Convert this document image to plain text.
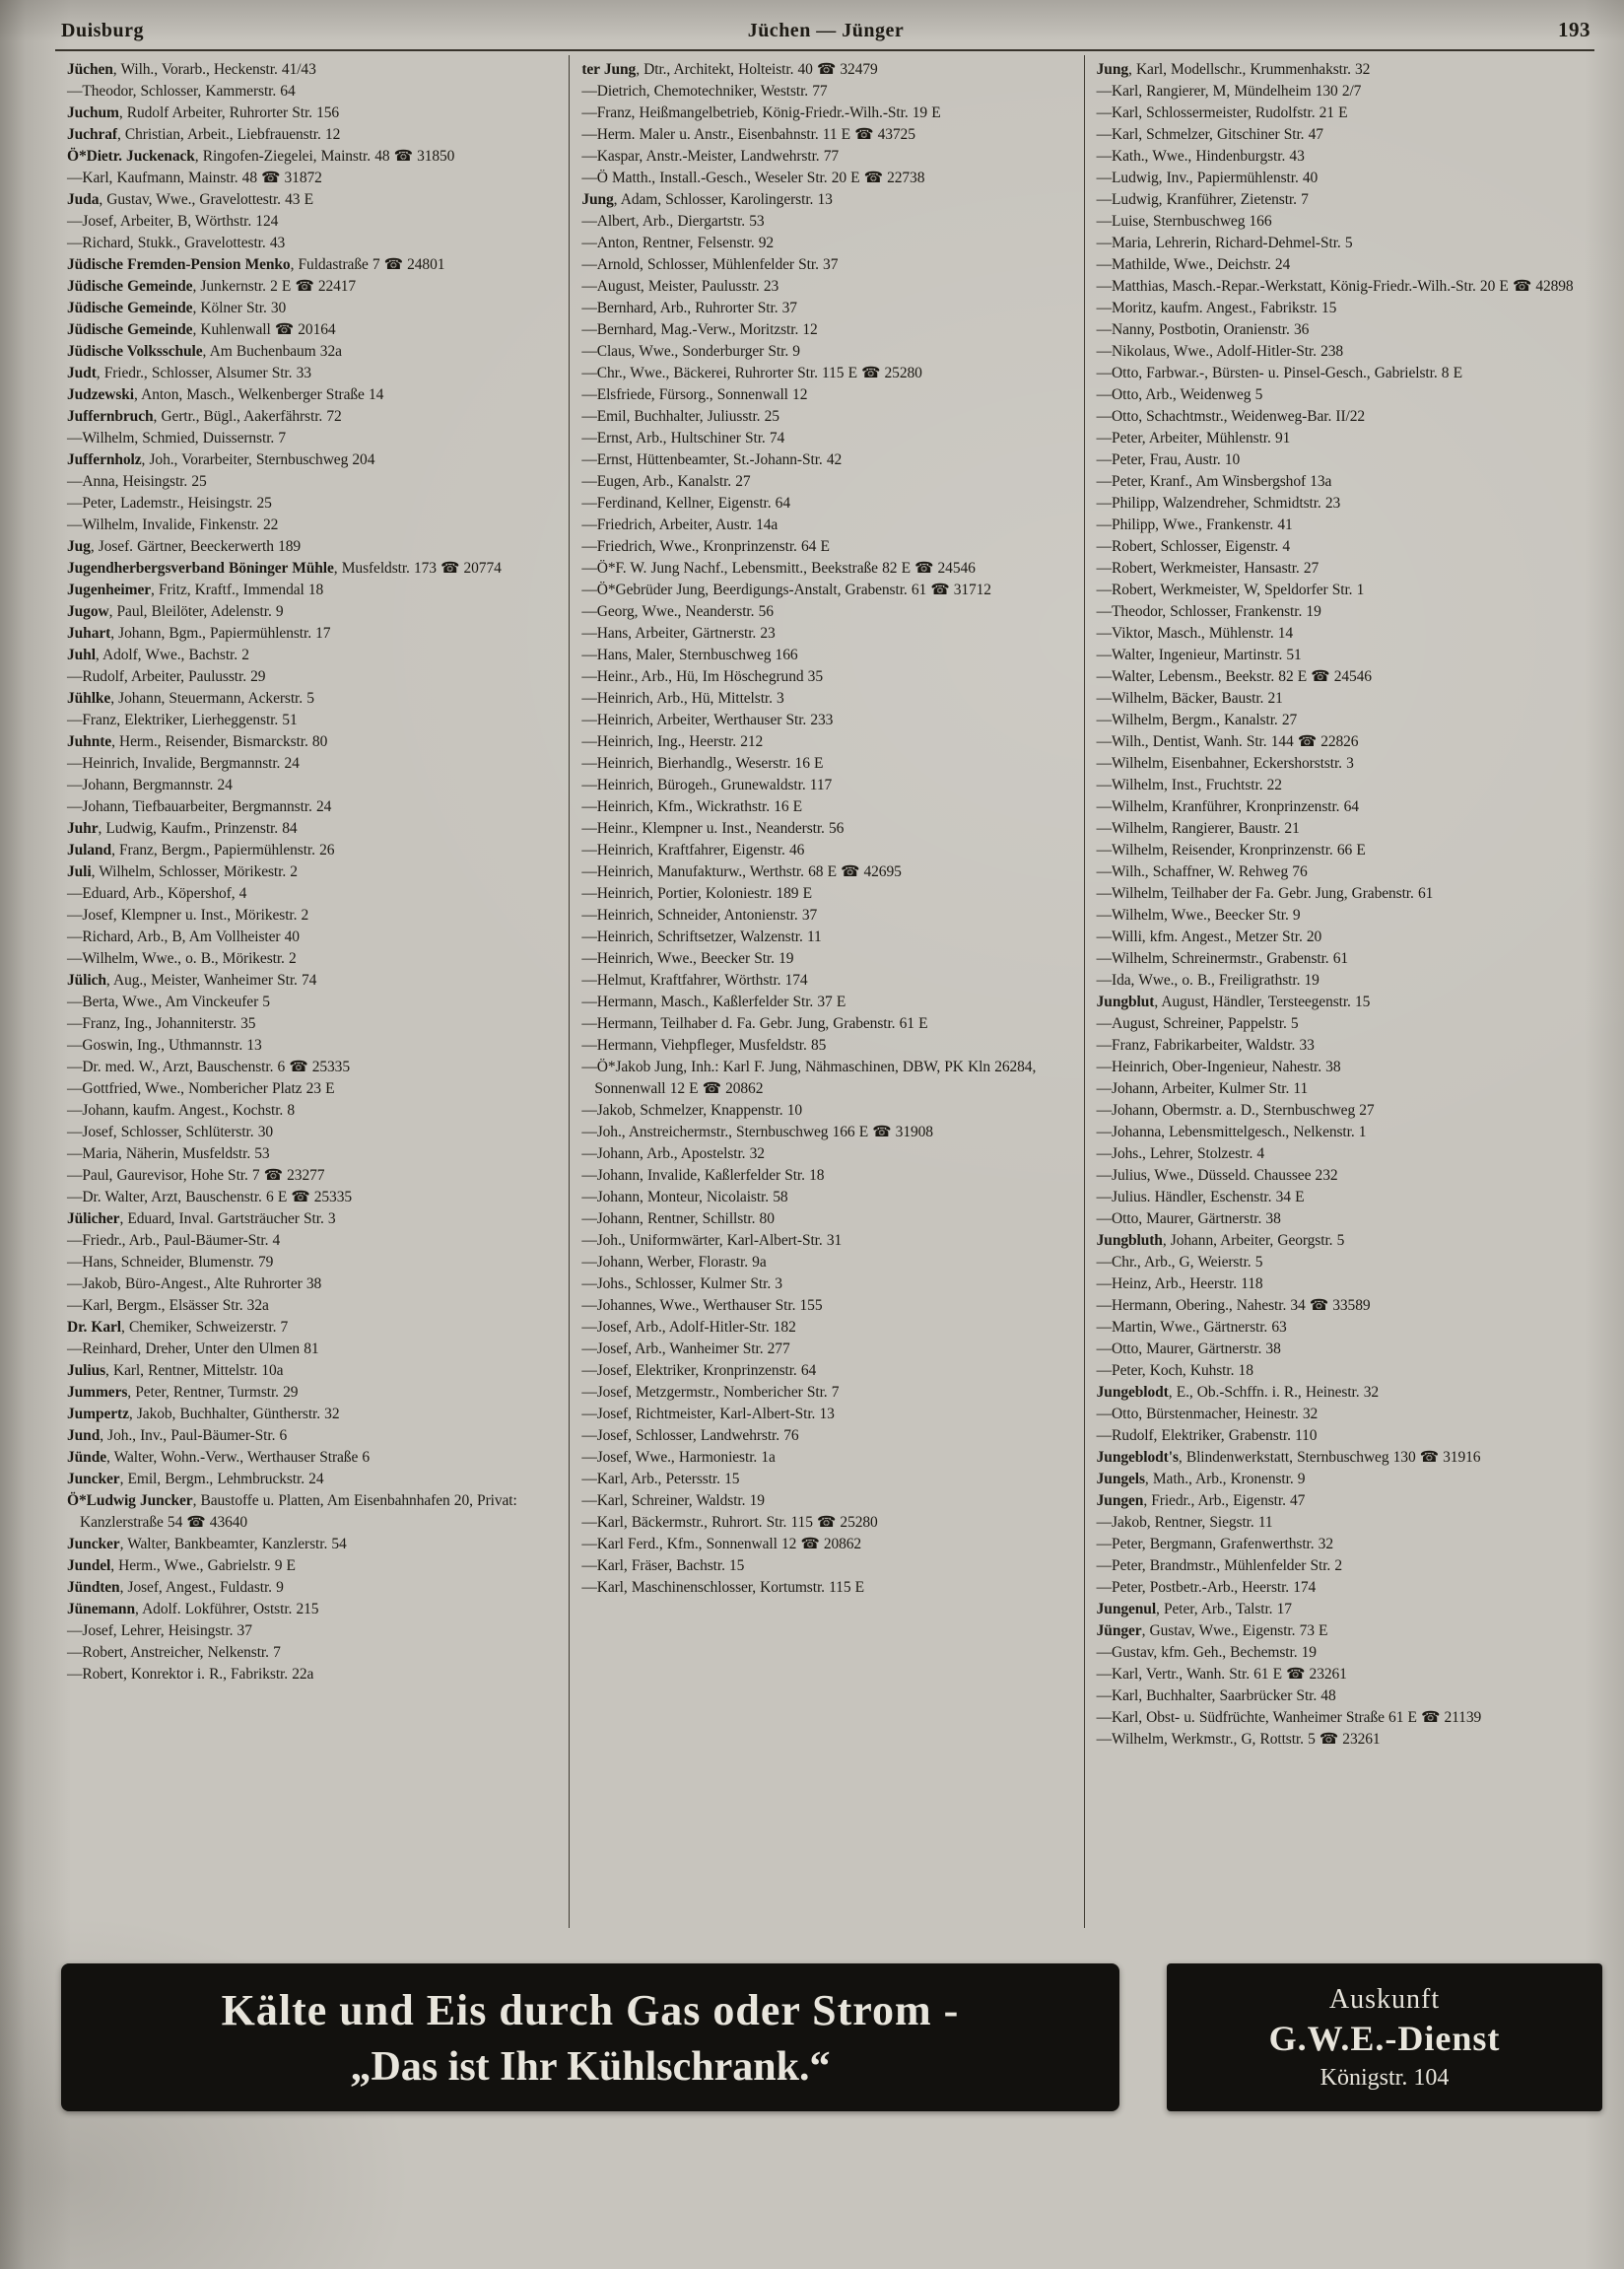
Duisburg	Jüchen — Jünger	193
Jüchen, Wilh., Vorarb., Heckenstr. 41/43
—Theodor, Schlosser, Kammerstr. 64
Juchum, Rudolf Arbeiter, Ruhrorter Str. 156
Juchraf, Christian, Arbeit., Liebfrauenstr. 12
Ö*Dietr. Juckenack, Ringofen-Ziegelei, Mainstr. 48 ☎ 31850
—Karl, Kaufmann, Mainstr. 48 ☎ 31872
Juda, Gustav, Wwe., Gravelottestr. 43 E
—Josef, Arbeiter, B, Wörthstr. 124
—Richard, Stukk., Gravelottestr. 43
Jüdische Fremden-Pension Menko, Fuldastraße 7 ☎ 24801
Jüdische Gemeinde, Junkernstr. 2 E ☎ 22417
Jüdische Gemeinde, Kölner Str. 30
Jüdische Gemeinde, Kuhlenwall ☎ 20164
Jüdische Volksschule, Am Buchenbaum 32a
Judt, Friedr., Schlosser, Alsumer Str. 33
Judzewski, Anton, Masch., Welkenberger Straße 14
Juffernbruch, Gertr., Bügl., Aakerfährstr. 72
—Wilhelm, Schmied, Duissernstr. 7
Juffernholz, Joh., Vorarbeiter, Sternbuschweg 204
—Anna, Heisingstr. 25
—Peter, Lademstr., Heisingstr. 25
—Wilhelm, Invalide, Finkenstr. 22
Jug, Josef. Gärtner, Beeckerwerth 189
Jugendherbergsverband Böninger Mühle, Musfeldstr. 173 ☎ 20774
Jugenheimer, Fritz, Kraftf., Immendal 18
Jugow, Paul, Bleilöter, Adelenstr. 9
Juhart, Johann, Bgm., Papiermühlenstr. 17
Juhl, Adolf, Wwe., Bachstr. 2
—Rudolf, Arbeiter, Paulusstr. 29
Jühlke, Johann, Steuermann, Ackerstr. 5
—Franz, Elektriker, Lierheggenstr. 51
Juhnte, Herm., Reisender, Bismarckstr. 80
—Heinrich, Invalide, Bergmannstr. 24
—Johann, Bergmannstr. 24
—Johann, Tiefbauarbeiter, Bergmannstr. 24
Juhr, Ludwig, Kaufm., Prinzenstr. 84
Juland, Franz, Bergm., Papiermühlenstr. 26
Juli, Wilhelm, Schlosser, Mörikestr. 2
—Eduard, Arb., Köpershof, 4
—Josef, Klempner u. Inst., Mörikestr. 2
—Richard, Arb., B, Am Vollheister 40
—Wilhelm, Wwe., o. B., Mörikestr. 2
Jülich, Aug., Meister, Wanheimer Str. 74
—Berta, Wwe., Am Vinckeufer 5
—Franz, Ing., Johanniterstr. 35
—Goswin, Ing., Uthmannstr. 13
—Dr. med. W., Arzt, Bauschenstr. 6 ☎ 25335
—Gottfried, Wwe., Nombericher Platz 23 E
—Johann, kaufm. Angest., Kochstr. 8
—Josef, Schlosser, Schlüterstr. 30
—Maria, Näherin, Musfeldstr. 53
—Paul, Gaurevisor, Hohe Str. 7 ☎ 23277
—Dr. Walter, Arzt, Bauschenstr. 6 E ☎ 25335
Jülicher, Eduard, Inval. Gartsträucher Str. 3
—Friedr., Arb., Paul-Bäumer-Str. 4
—Hans, Schneider, Blumenstr. 79
—Jakob, Büro-Angest., Alte Ruhrorter 38
—Karl, Bergm., Elsässer Str. 32a
Dr. Karl, Chemiker, Schweizerstr. 7
—Reinhard, Dreher, Unter den Ulmen 81
Julius, Karl, Rentner, Mittelstr. 10a
Jummers, Peter, Rentner, Turmstr. 29
Jumpertz, Jakob, Buchhalter, Güntherstr. 32
Jund, Joh., Inv., Paul-Bäumer-Str. 6
Jünde, Walter, Wohn.-Verw., Werthauser Straße 6
Juncker, Emil, Bergm., Lehmbruckstr. 24
Ö*Ludwig Juncker, Baustoffe u. Platten, Am Eisenbahnhafen 20, Privat: Kanzlerstraße 54 ☎ 43640
Juncker, Walter, Bankbeamter, Kanzlerstr. 54
Jundel, Herm., Wwe., Gabrielstr. 9 E
Jündten, Josef, Angest., Fuldastr. 9
Jünemann, Adolf. Lokführer, Oststr. 215
—Josef, Lehrer, Heisingstr. 37
—Robert, Anstreicher, Nelkenstr. 7
—Robert, Konrektor i. R., Fabrikstr. 22a
ter Jung, Dtr., Architekt, Holteistr. 40 ☎ 32479
—Dietrich, Chemotechniker, Weststr. 77
—Franz, Heißmangelbetrieb, König-Friedr.-Wilh.-Str. 19 E
—Herm. Maler u. Anstr., Eisenbahnstr. 11 E ☎ 43725
—Kaspar, Anstr.-Meister, Landwehrstr. 77
—Ö Matth., Install.-Gesch., Weseler Str. 20 E ☎ 22738
Jung, Adam, Schlosser, Karolingerstr. 13
—Albert, Arb., Diergartstr. 53
—Anton, Rentner, Felsenstr. 92
—Arnold, Schlosser, Mühlenfelder Str. 37
—August, Meister, Paulusstr. 23
—Bernhard, Arb., Ruhrorter Str. 37
—Bernhard, Mag.-Verw., Moritzstr. 12
—Claus, Wwe., Sonderburger Str. 9
—Chr., Wwe., Bäckerei, Ruhrorter Str. 115 E ☎ 25280
—Elsfriede, Fürsorg., Sonnenwall 12
—Emil, Buchhalter, Juliusstr. 25
—Ernst, Arb., Hultschiner Str. 74
—Ernst, Hüttenbeamter, St.-Johann-Str. 42
—Eugen, Arb., Kanalstr. 27
—Ferdinand, Kellner, Eigenstr. 64
—Friedrich, Arbeiter, Austr. 14a
—Friedrich, Wwe., Kronprinzenstr. 64 E
—Ö*F. W. Jung Nachf., Lebensmitt., Beekstraße 82 E ☎ 24546
—Ö*Gebrüder Jung, Beerdigungs-Anstalt, Grabenstr. 61 ☎ 31712
—Georg, Wwe., Neanderstr. 56
—Hans, Arbeiter, Gärtnerstr. 23
—Hans, Maler, Sternbuschweg 166
—Heinr., Arb., Hü, Im Höschegrund 35
—Heinrich, Arb., Hü, Mittelstr. 3
—Heinrich, Arbeiter, Werthauser Str. 233
—Heinrich, Ing., Heerstr. 212
—Heinrich, Bierhandlg., Weserstr. 16 E
—Heinrich, Bürogeh., Grunewaldstr. 117
—Heinrich, Kfm., Wickrathstr. 16 E
—Heinr., Klempner u. Inst., Neanderstr. 56
—Heinrich, Kraftfahrer, Eigenstr. 46
—Heinrich, Manufakturw., Werthstr. 68 E ☎ 42695
—Heinrich, Portier, Koloniestr. 189 E
—Heinrich, Schneider, Antonienstr. 37
—Heinrich, Schriftsetzer, Walzenstr. 11
—Heinrich, Wwe., Beecker Str. 19
—Helmut, Kraftfahrer, Wörthstr. 174
—Hermann, Masch., Kaßlerfelder Str. 37 E
—Hermann, Teilhaber d. Fa. Gebr. Jung, Grabenstr. 61 E
—Hermann, Viehpfleger, Musfeldstr. 85
—Ö*Jakob Jung, Inh.: Karl F. Jung, Nähmaschinen, DBW, PK Kln 26284, Sonnenwall 12 E ☎ 20862
—Jakob, Schmelzer, Knappenstr. 10
—Joh., Anstreichermstr., Sternbuschweg 166 E ☎ 31908
—Johann, Arb., Apostelstr. 32
—Johann, Invalide, Kaßlerfelder Str. 18
—Johann, Monteur, Nicolaistr. 58
—Johann, Rentner, Schillstr. 80
—Joh., Uniformwärter, Karl-Albert-Str. 31
—Johann, Werber, Florastr. 9a
—Johs., Schlosser, Kulmer Str. 3
—Johannes, Wwe., Werthauser Str. 155
—Josef, Arb., Adolf-Hitler-Str. 182
—Josef, Arb., Wanheimer Str. 277
—Josef, Elektriker, Kronprinzenstr. 64
—Josef, Metzgermstr., Nombericher Str. 7
—Josef, Richtmeister, Karl-Albert-Str. 13
—Josef, Schlosser, Landwehrstr. 76
—Josef, Wwe., Harmoniestr. 1a
—Karl, Arb., Petersstr. 15
—Karl, Schreiner, Waldstr. 19
—Karl, Bäckermstr., Ruhrort. Str. 115 ☎ 25280
—Karl Ferd., Kfm., Sonnenwall 12 ☎ 20862
—Karl, Fräser, Bachstr. 15
—Karl, Maschinenschlosser, Kortumstr. 115 E
Jung, Karl, Modellschr., Krummenhakstr. 32
—Karl, Rangierer, M, Mündelheim 130 2/7
—Karl, Schlossermeister, Rudolfstr. 21 E
—Karl, Schmelzer, Gitschiner Str. 47
—Kath., Wwe., Hindenburgstr. 43
—Ludwig, Inv., Papiermühlenstr. 40
—Ludwig, Kranführer, Zietenstr. 7
—Luise, Sternbuschweg 166
—Maria, Lehrerin, Richard-Dehmel-Str. 5
—Mathilde, Wwe., Deichstr. 24
—Matthias, Masch.-Repar.-Werkstatt, König-Friedr.-Wilh.-Str. 20 E ☎ 42898
—Moritz, kaufm. Angest., Fabrikstr. 15
—Nanny, Postbotin, Oranienstr. 36
—Nikolaus, Wwe., Adolf-Hitler-Str. 238
—Otto, Farbwar.-, Bürsten- u. Pinsel-Gesch., Gabrielstr. 8 E
—Otto, Arb., Weidenweg 5
—Otto, Schachtmstr., Weidenweg-Bar. II/22
—Peter, Arbeiter, Mühlenstr. 91
—Peter, Frau, Austr. 10
—Peter, Kranf., Am Winsbergshof 13a
—Philipp, Walzendreher, Schmidtstr. 23
—Philipp, Wwe., Frankenstr. 41
—Robert, Schlosser, Eigenstr. 4
—Robert, Werkmeister, Hansastr. 27
—Robert, Werkmeister, W, Speldorfer Str. 1
—Theodor, Schlosser, Frankenstr. 19
—Viktor, Masch., Mühlenstr. 14
—Walter, Ingenieur, Martinstr. 51
—Walter, Lebensm., Beekstr. 82 E ☎ 24546
—Wilhelm, Bäcker, Baustr. 21
—Wilhelm, Bergm., Kanalstr. 27
—Wilh., Dentist, Wanh. Str. 144 ☎ 22826
—Wilhelm, Eisenbahner, Eckershorststr. 3
—Wilhelm, Inst., Fruchtstr. 22
—Wilhelm, Kranführer, Kronprinzenstr. 64
—Wilhelm, Rangierer, Baustr. 21
—Wilhelm, Reisender, Kronprinzenstr. 66 E
—Wilh., Schaffner, W. Rehweg 76
—Wilhelm, Teilhaber der Fa. Gebr. Jung, Grabenstr. 61
—Wilhelm, Wwe., Beecker Str. 9
—Willi, kfm. Angest., Metzer Str. 20
—Wilhelm, Schreinermstr., Grabenstr. 61
—Ida, Wwe., o. B., Freiligrathstr. 19
Jungblut, August, Händler, Tersteegenstr. 15
—August, Schreiner, Pappelstr. 5
—Franz, Fabrikarbeiter, Waldstr. 33
—Heinrich, Ober-Ingenieur, Nahestr. 38
—Johann, Arbeiter, Kulmer Str. 11
—Johann, Obermstr. a. D., Sternbuschweg 27
—Johanna, Lebensmittelgesch., Nelkenstr. 1
—Johs., Lehrer, Stolzestr. 4
—Julius, Wwe., Düsseld. Chaussee 232
—Julius. Händler, Eschenstr. 34 E
—Otto, Maurer, Gärtnerstr. 38
Jungbluth, Johann, Arbeiter, Georgstr. 5
—Chr., Arb., G, Weierstr. 5
—Heinz, Arb., Heerstr. 118
—Hermann, Obering., Nahestr. 34 ☎ 33589
—Martin, Wwe., Gärtnerstr. 63
—Otto, Maurer, Gärtnerstr. 38
—Peter, Koch, Kuhstr. 18
Jungeblodt, E., Ob.-Schffn. i. R., Heinestr. 32
—Otto, Bürstenmacher, Heinestr. 32
—Rudolf, Elektriker, Grabenstr. 110
Jungeblodt's, Blindenwerkstatt, Sternbuschweg 130 ☎ 31916
Jungels, Math., Arb., Kronenstr. 9
Jungen, Friedr., Arb., Eigenstr. 47
—Jakob, Rentner, Siegstr. 11
—Peter, Bergmann, Grafenwerthstr. 32
—Peter, Brandmstr., Mühlenfelder Str. 2
—Peter, Postbetr.-Arb., Heerstr. 174
Jungenul, Peter, Arb., Talstr. 17
Jünger, Gustav, Wwe., Eigenstr. 73 E
—Gustav, kfm. Geh., Bechemstr. 19
—Karl, Vertr., Wanh. Str. 61 E ☎ 23261
—Karl, Buchhalter, Saarbrücker Str. 48
—Karl, Obst- u. Südfrüchte, Wanheimer Straße 61 E ☎ 21139
—Wilhelm, Werkmstr., G, Rottstr. 5 ☎ 23261
Kälte und Eis durch Gas oder Strom -
„Das ist Ihr Kühlschrank.“
Auskunft
G.W.E.-Dienst
Königstr. 104
